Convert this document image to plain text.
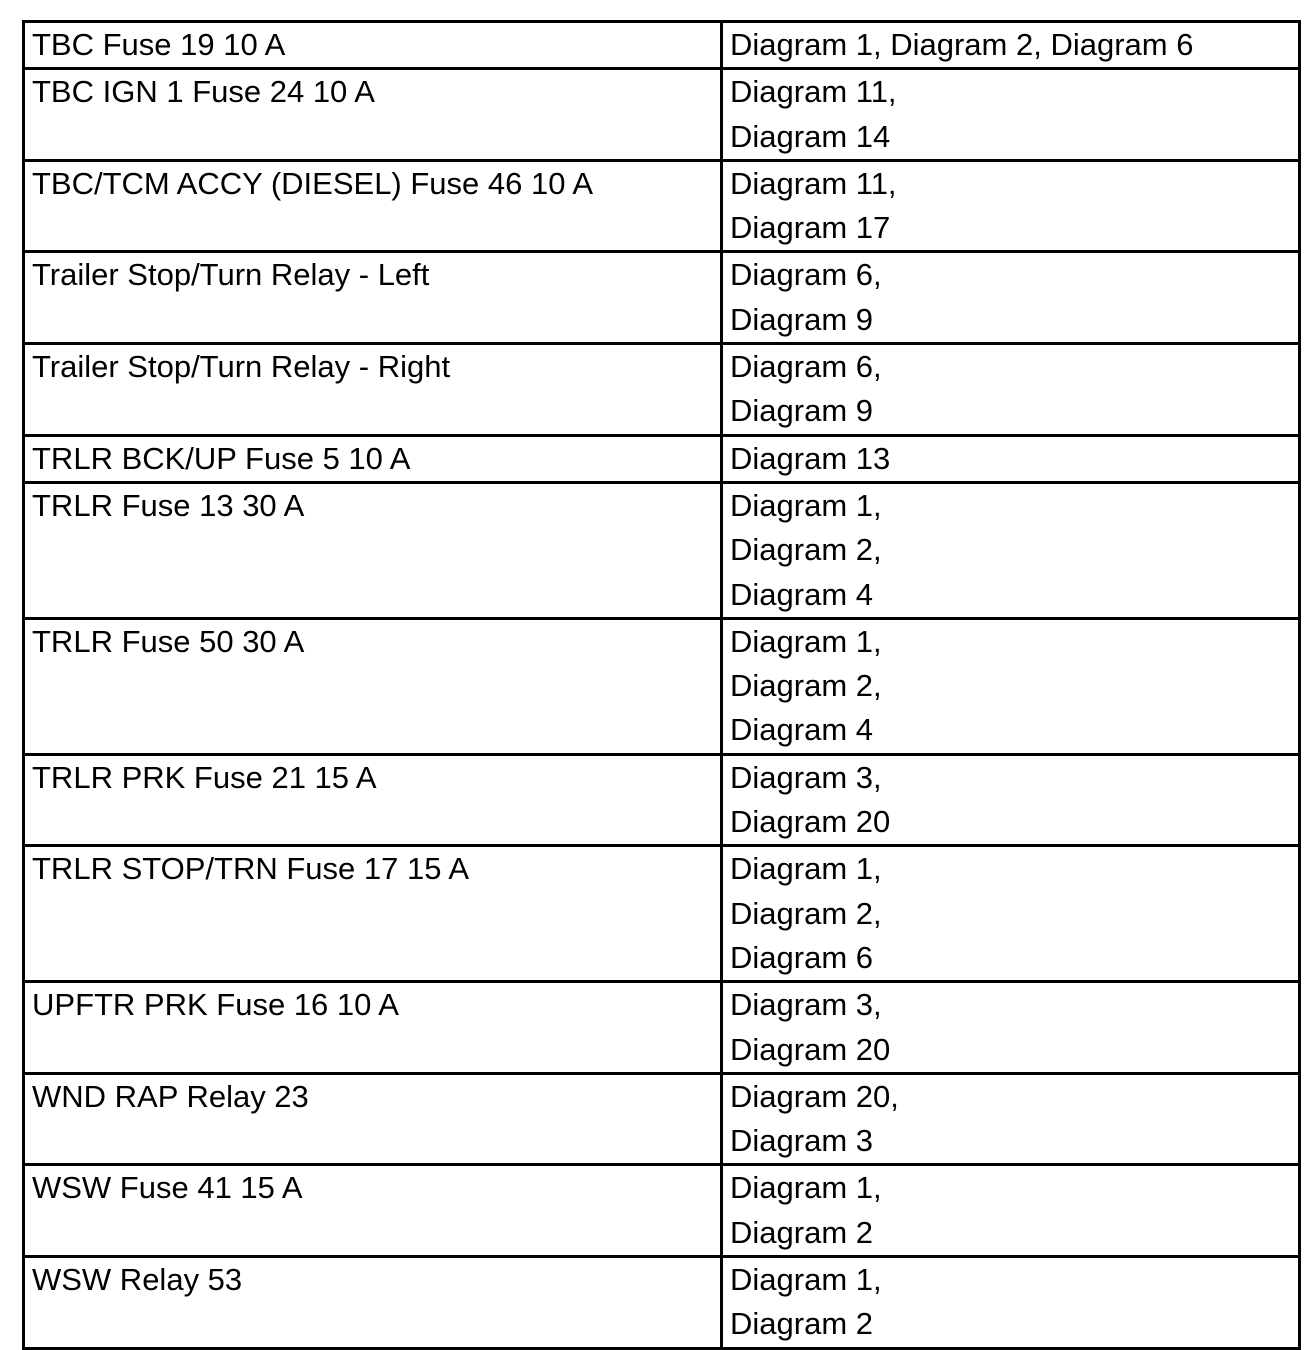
TBC Fuse 19 10 A	Diagram 1, Diagram 2, Diagram 6

TBC IGN 1 Fuse 24 10 A	Diagram 11,
Diagram 14

TBC/TCM ACCY (DIESEL) Fuse 46 10 A	Diagram 11,
Diagram 17

Trailer Stop/Turn Relay - Left	Diagram 6,
Diagram 9

Trailer Stop/Turn Relay - Right	Diagram 6,
Diagram 9

TRLR BCK/UP Fuse 5 10 A	Diagram 13

TRLR Fuse 13 30 A	Diagram 1,
Diagram 2,
Diagram 4

TRLR Fuse 50 30 A	Diagram 1,
Diagram 2,
Diagram 4

TRLR PRK Fuse 21 15 A	Diagram 3,
Diagram 20

TRLR STOP/TRN Fuse 17 15 A	Diagram 1,
Diagram 2,
Diagram 6

UPFTR PRK Fuse 16 10 A	Diagram 3,
Diagram 20

WND RAP Relay 23	Diagram 20,
Diagram 3

WSW Fuse 41 15 A	Diagram 1,
Diagram 2

WSW Relay 53	Diagram 1,
Diagram 2
